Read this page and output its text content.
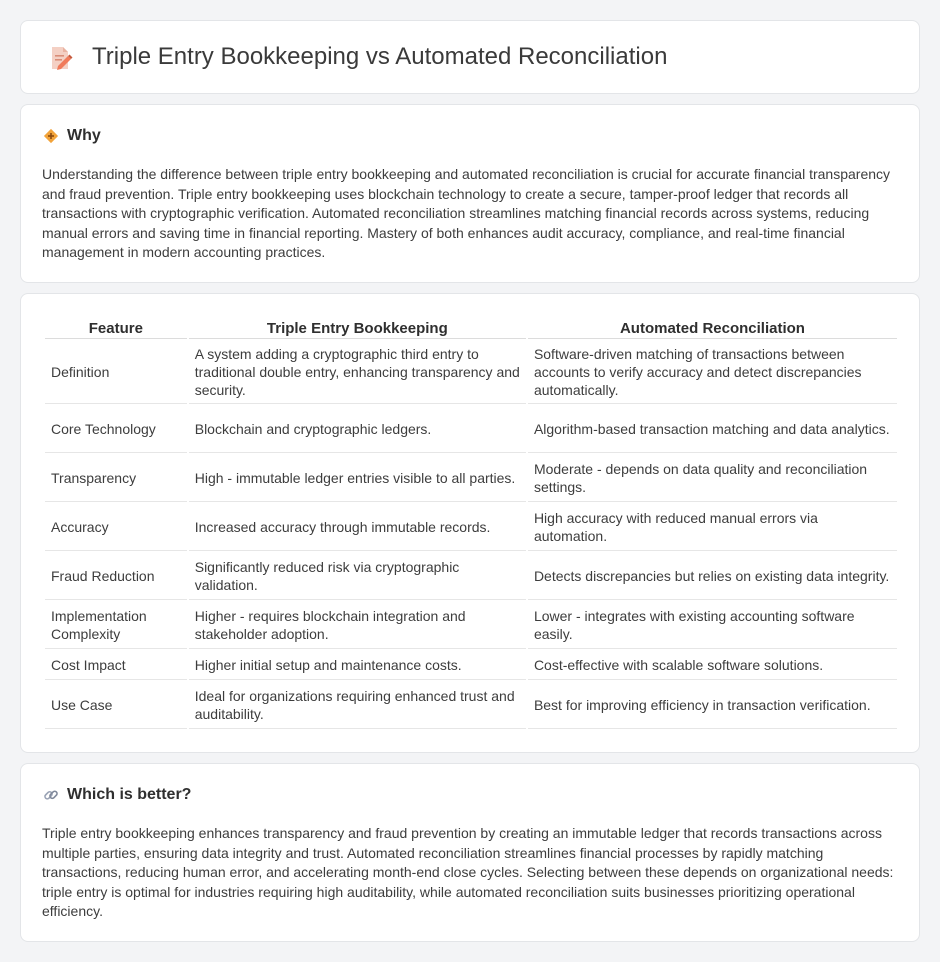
Triple Entry Bookkeeping vs Automated Reconciliation
Why

Understanding the difference between triple entry bookkeeping and automated reconciliation is crucial for accurate financial transparency and fraud prevention. Triple entry bookkeeping uses blockchain technology to create a secure, tamper-proof ledger that records all transactions with cryptographic verification. Automated reconciliation streamlines matching financial records across systems, reducing manual errors and saving time in financial reporting. Mastery of both enhances audit accuracy, compliance, and real-time financial management in modern accounting practices.

Feature	Triple Entry Bookkeeping	Automated Reconciliation
Definition	A system adding a cryptographic third entry to traditional double entry, enhancing transparency and security.	Software-driven matching of transactions between accounts to verify accuracy and detect discrepancies automatically.
Core Technology	Blockchain and cryptographic ledgers.	Algorithm-based transaction matching and data analytics.
Transparency	High - immutable ledger entries visible to all parties.	Moderate - depends on data quality and reconciliation settings.
Accuracy	Increased accuracy through immutable records.	High accuracy with reduced manual errors via automation.
Fraud Reduction	Significantly reduced risk via cryptographic validation.	Detects discrepancies but relies on existing data integrity.
Implementation Complexity	Higher - requires blockchain integration and stakeholder adoption.	Lower - integrates with existing accounting software easily.
Cost Impact	Higher initial setup and maintenance costs.	Cost-effective with scalable software solutions.
Use Case	Ideal for organizations requiring enhanced trust and auditability.	Best for improving efficiency in transaction verification.
Which is better?

Triple entry bookkeeping enhances transparency and fraud prevention by creating an immutable ledger that records transactions across multiple parties, ensuring data integrity and trust. Automated reconciliation streamlines financial processes by rapidly matching transactions, reducing human error, and accelerating month-end close cycles. Selecting between these depends on organizational needs: triple entry is optimal for industries requiring high auditability, while automated reconciliation suits businesses prioritizing operational efficiency.
